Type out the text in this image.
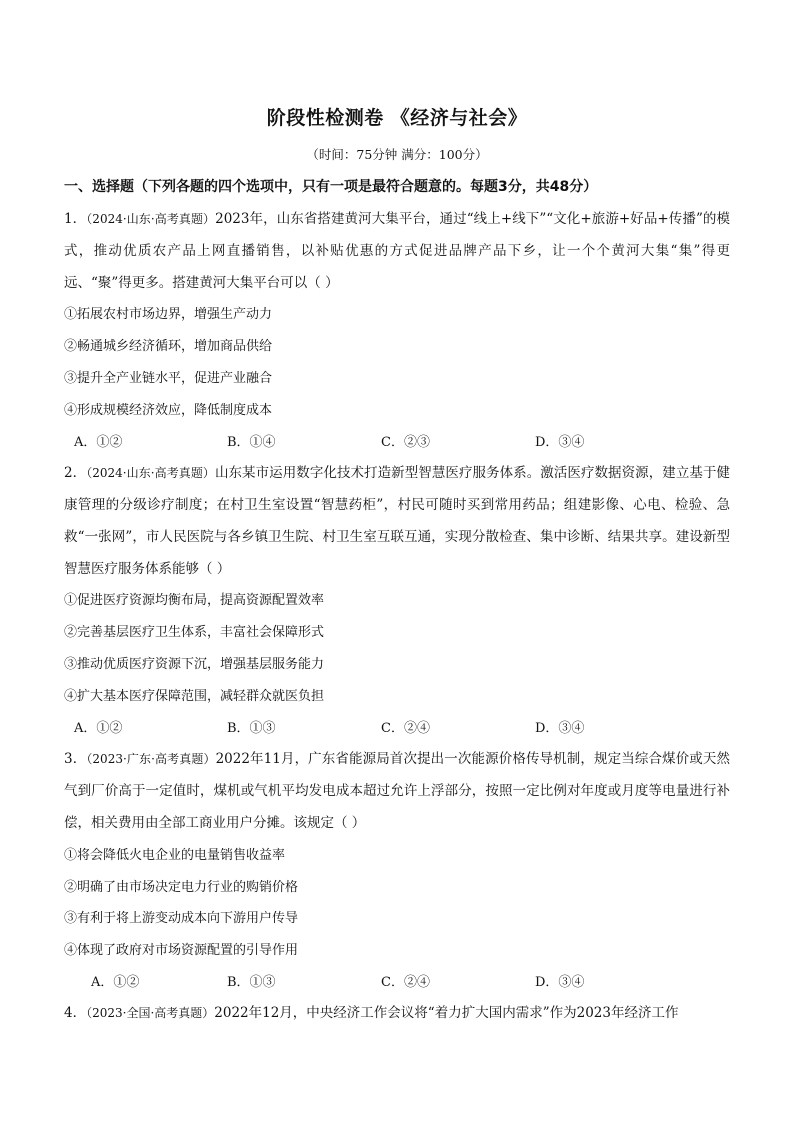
阶段性检测卷 《经济与社会》
（时间：75分钟 满分：100分）
一、选择题（下列各题的四个选项中，只有一项是最符合题意的。每题3分，共48分）
1．（2024·山东·高考真题）2023年，山东省搭建黄河大集平台，通过“线上+线下”“文化+旅游+好品+传播”的模式，推动优质农产品上网直播销售，以补贴优惠的方式促进品牌产品下乡，让一个个黄河大集“集”得更远、“聚”得更多。搭建黄河大集平台可以（ ）
①拓展农村市场边界，增强生产动力
②畅通城乡经济循环，增加商品供给
③提升全产业链水平，促进产业融合
④形成规模经济效应，降低制度成本
A．①②	B．①④	C．②③	D．③④
2．（2024·山东·高考真题）山东某市运用数字化技术打造新型智慧医疗服务体系。激活医疗数据资源，建立基于健康管理的分级诊疗制度；在村卫生室设置“智慧药柜”，村民可随时买到常用药品；组建影像、心电、检验、急救“一张网”，市人民医院与各乡镇卫生院、村卫生室互联互通，实现分散检查、集中诊断、结果共享。建设新型智慧医疗服务体系能够（ ）
①促进医疗资源均衡布局，提高资源配置效率
②完善基层医疗卫生体系，丰富社会保障形式
③推动优质医疗资源下沉，增强基层服务能力
④扩大基本医疗保障范围，减轻群众就医负担
A．①②	B．①③	C．②④	D．③④
3．（2023·广东·高考真题）2022年11月，广东省能源局首次提出一次能源价格传导机制，规定当综合煤价或天然气到厂价高于一定值时，煤机或气机平均发电成本超过允许上浮部分，按照一定比例对年度或月度等电量进行补偿，相关费用由全部工商业用户分摊。该规定（ ）
①将会降低火电企业的电量销售收益率
②明确了由市场决定电力行业的购销价格
③有利于将上游变动成本向下游用户传导
④体现了政府对市场资源配置的引导作用
A．①②	B．①③	C．②④	D．③④
4．（2023·全国·高考真题）2022年12月，中央经济工作会议将“着力扩大国内需求”作为2023年经济工作
